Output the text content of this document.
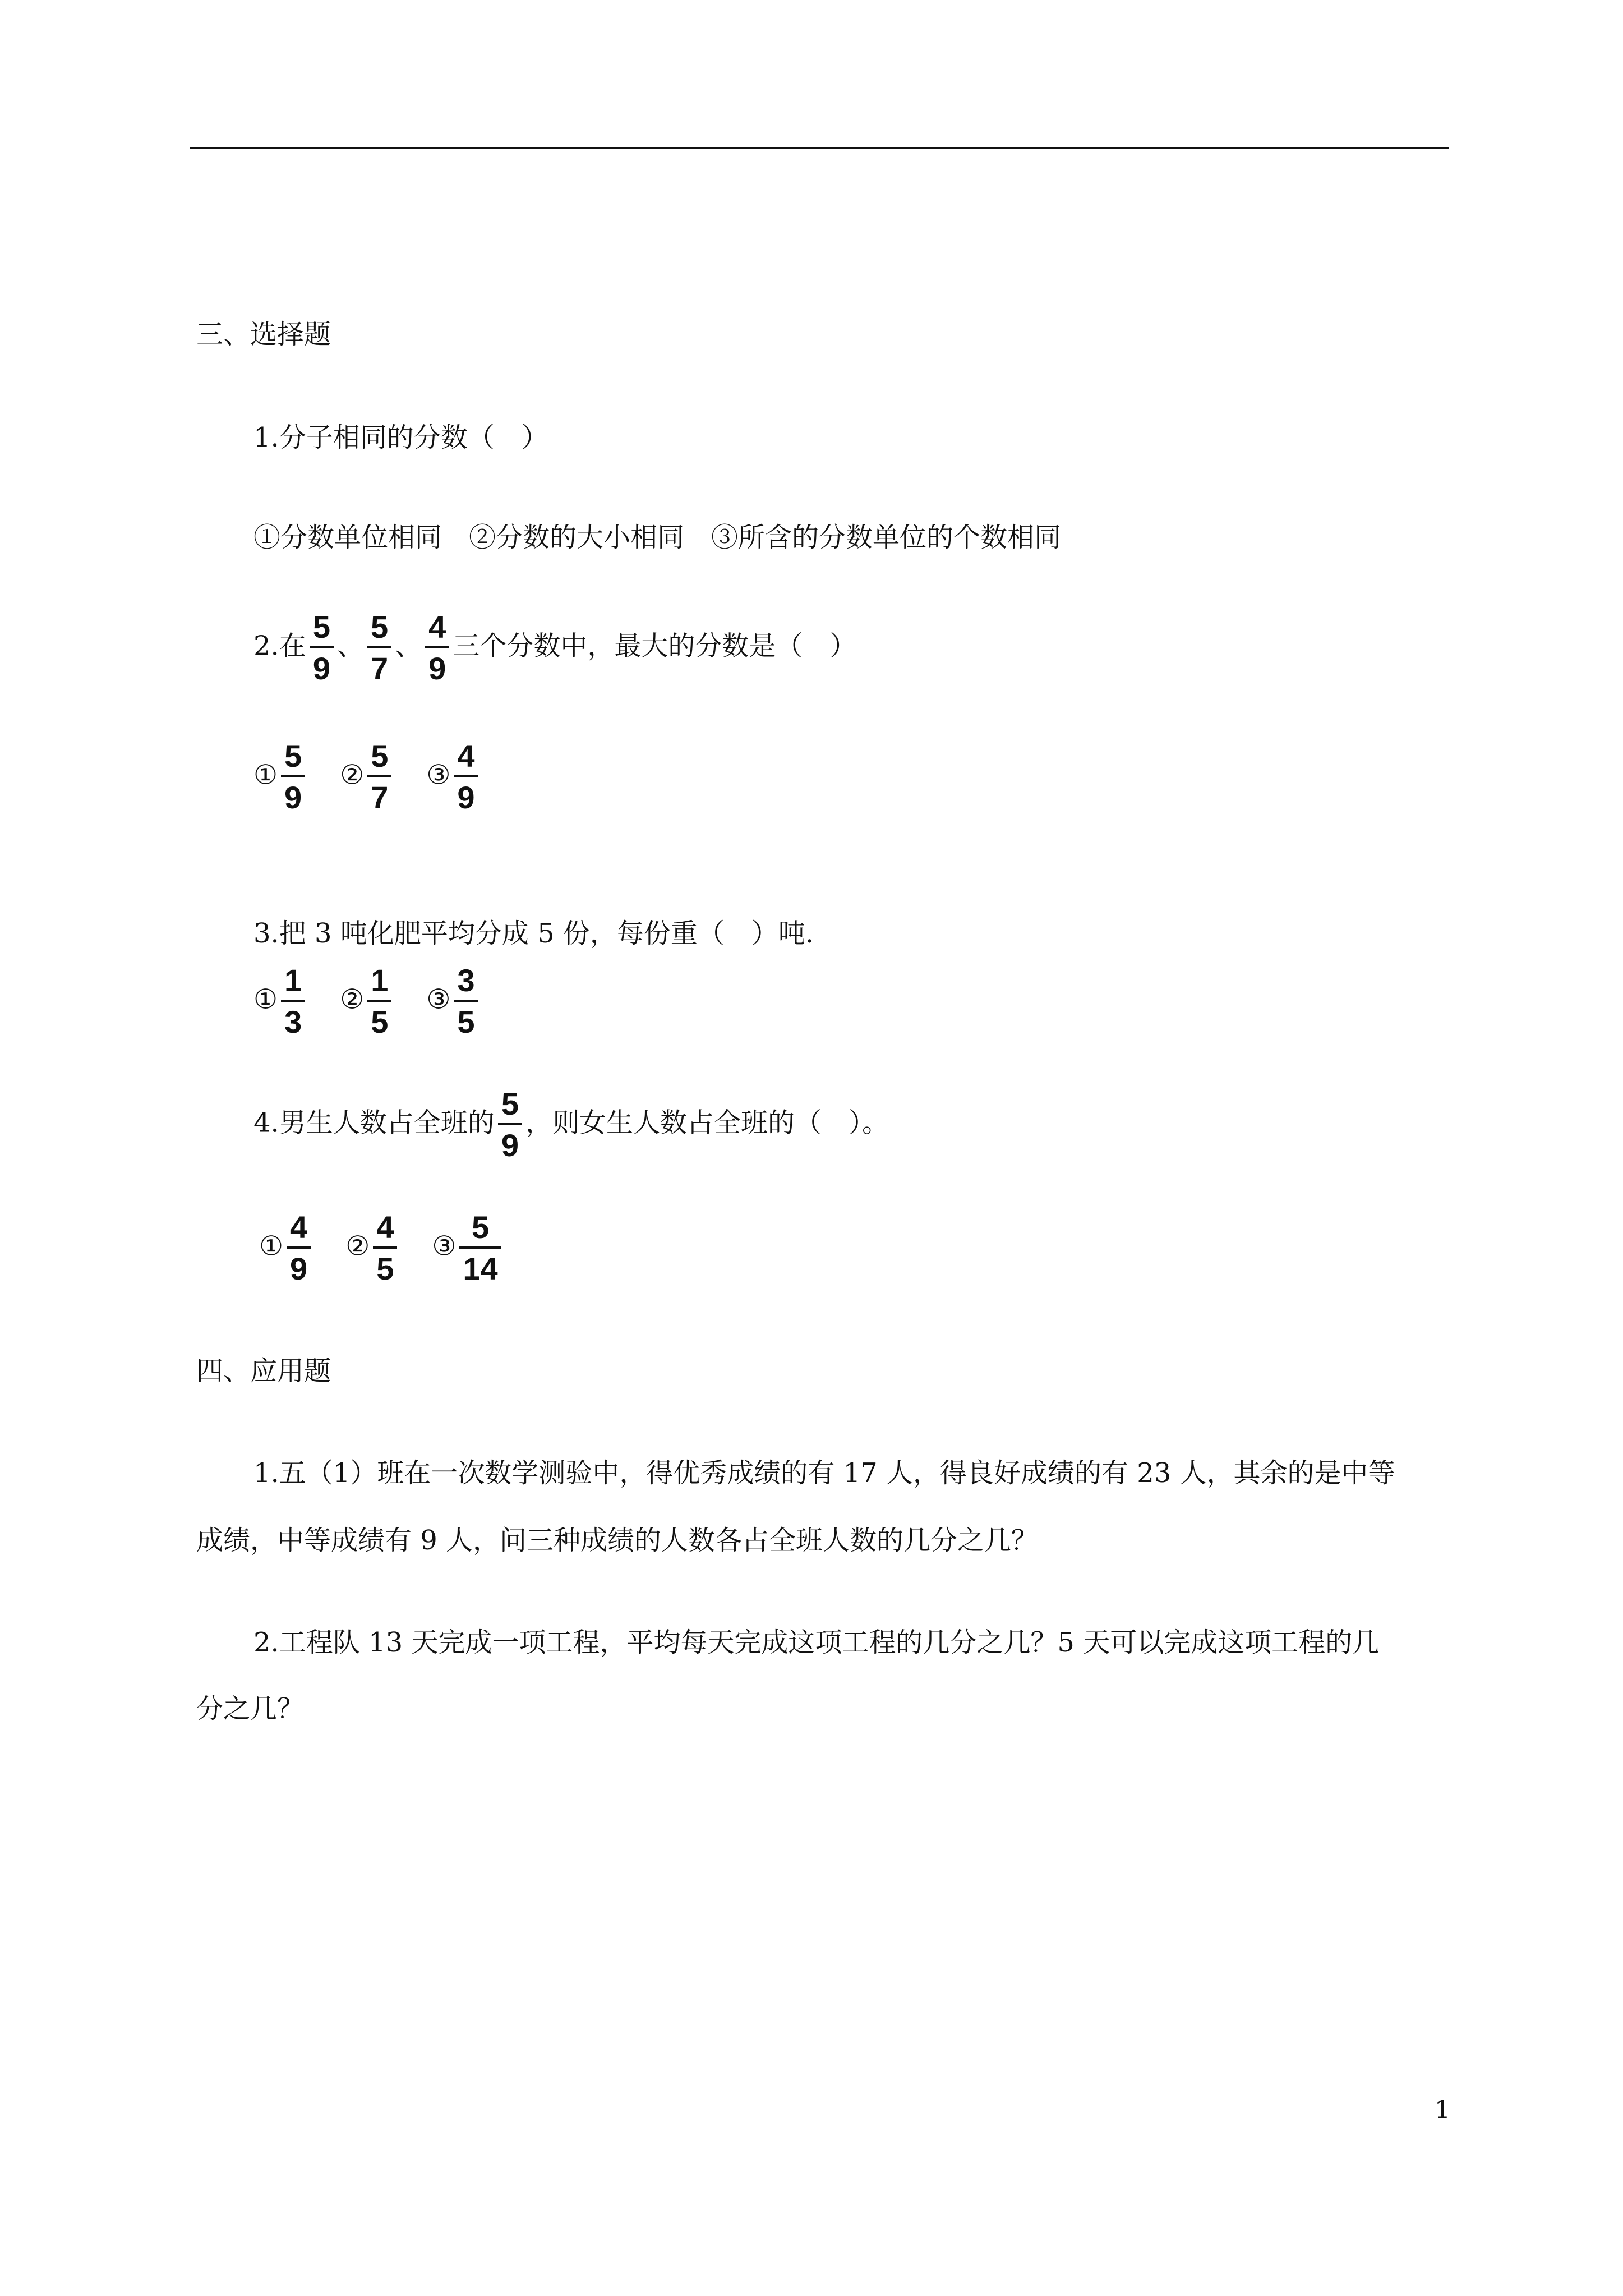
三、选择题
1.分子相同的分数（　）
①分数单位相同　②分数的大小相同　③所含的分数单位的个数相同
2.在 $\frac{5}{9}$ 、 $\frac{5}{7}$ 、 $\frac{4}{9}$ 三个分数中，最大的分数是（　）
① $\frac{5}{9}$ ② $\frac{5}{7}$ ③ $\frac{4}{9}$
3.把 3 吨化肥平均分成 5 份，每份重（　）吨.
① $\frac{1}{3}$ ② $\frac{1}{5}$ ③ $\frac{3}{5}$
4.男生人数占全班的 $\frac{5}{9}$ ，则女生人数占全班的（　）。
① $\frac{4}{9}$ ② $\frac{4}{5}$ ③ $\frac{5}{14}$
四、应用题
1.五（1）班在一次数学测验中，得优秀成绩的有 17 人，得良好成绩的有 23 人，其余的是中等
成绩，中等成绩有 9 人，问三种成绩的人数各占全班人数的几分之几？
2.工程队 13 天完成一项工程，平均每天完成这项工程的几分之几？5 天可以完成这项工程的几
分之几？
1
